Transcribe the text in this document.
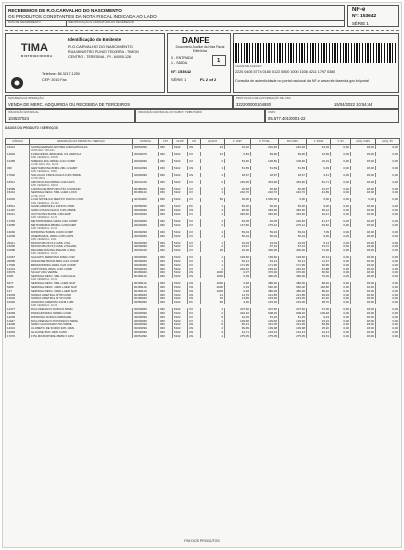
RECEBEMOS DE R.O.CARVALHO DO NASCIMENTO
OS PRODUTOS CONSTANTES DA NOTA FISCAL INDICADA AO LADO
DATA DE RECEBIMENTO	IDENTIFICAÇÃO E ASSINATURA DO RECEBEDOR
NF-e
Nº: 153642
SÉRIE 1
TIMA
DISTRIBUIDORA
Identificação do Emitente
R.O.CARVALHO DO NASCIMENTO
RUA MINISTRO PLINIO TEIXEIRA - TIMON
CENTRO - TERESINA - PI - 64000-126
Telefone: 86 3217-1250
CEP: 2010 Fax:
DANFE
Documento Auxiliar da Nota Fiscal Eletrônica
0 - ENTRADA
1 - SAÍDA	1
Nº: 153642
SÉRIE 1	FL 2 of 2
CHAVE DE ACESSO
2220 0405 5774 0180 0122 5500 1000 1536 4211 1797 0380
Consulta de autenticidade no portal nacional da NF-e www.nfe.fazenda.gov.br/portal
NATUREZA DA OPERAÇÃO
VENDA DE MERC. ADQUIRIDA OU RECEBIDA DE TERCEIROS
PROTOCOLO DE AUTORIZAÇÃO DE USO
322200000104930	15/04/2022 10:54:44
INSCRIÇÃO ESTADUAL
104537024
INSCRIÇÃO ESTADUAL DO SUBST. TRIBUTÁRIO	CNPJ
05.577.401/0001-22
DADOS DO PRODUTO / SERVIÇOS
CÓDIGO	DESCRIÇÃO DO PRODUTO / SERVIÇO	NCM/SH	CST	CFOP	UN	QUANT	V. UNIT.	V. TOTAL	BC ICMS	V. ICMS	V. IPI	ALÍQ. ICMS	ALÍQ. IPI
15212	SUPRAGERMAX ENTIMA C/30CAPSULAS	30051090	060	5102	UN	24	10,02	240,48	240,48	43,29	0,00	18,00	0,00
	ICMS RET. 15/12/21												
14922	FURGONDIA 40MG/2ML C/1 AMPOLA	30049079	060	5102	CX	12	5,83	69,96	69,96	12,59	0,00	18,00	0,00
	FAB. FEDERAL: 40209												
12455	NIMESULIDA 100MG C/12 COMP	30049099	060	5102	CX	2	53,30	106,60	106,60	19,19	0,00	18,00	0,00
	LOTE 10/21 VAL. 11/23												
330	GENTAMICINA 80MG 2ML C/1AMP	30042099	060	5102	UN	1	51,59	51,59	51,59	9,29	0,00	18,00	0,00
	FAB. FEDERAL: 1099												
17802	SOLUCAO FISIOLOGICA 0,9% 500ML	30049099	060	5102	UN	1	18,97	18,97	18,97	3,41	0,00	18,00	0,00
	LOTE 08/21												
16511	AMOXICILINA 500MG C/21CAPS	30041019	060	5102	CX	2	226,95	453,90	453,90	81,71	0,00	18,00	0,00
	FAB. FEDERAL: 10031												
19589	LAMINA DE BISTURI Nº24 C/100UND	90189039	060	5102	CX	2	30,48	60,96	60,96	10,97	0,00	18,00	0,00
15212	SERINGA DESC. 5ML LUER LOCK	90183119	060	5102	CX	1	232,70	232,70	232,70	41,89	0,00	18,00	0,00
	LOTE 17/21												
10604	LUVA NITRILICA SEM PO TAM M C/100	40151900	060	5102	CX	50	30,00	1.500,00	0,00	0,00	0,00	0,00	0,00
	FAB. FEDERAL: 16.122												
18511	GAZE HIDROFILA 13FIOS C/500	30059090	060	5102	PC	1	50,00	50,00	50,00	9,00	0,00	18,00	0,00
14115	SORO FISIOLOGICO 0,9% 250ML	30049099	060	5102	UN	4	96,00	384,00	384,00	69,12	0,00	18,00	0,00
15211	OCITOCINA 5UI/ML C/50 AMP	30043929	060	5102	CX	1	345,60	345,60	345,60	62,21	0,00	18,00	0,00
	FAB. FEDERAL: 12.21												
17445	METOPRAMIDA 10MG C/20 COMP	30049069	060	5102	CX	1	46,05	46,05	230,40	41,47	0,00	18,00	0,00
13055	METFORMINA 850MG C/30COMP	30049069	060	5102	CX	2	137,56	275,12	275,12	49,52	0,00	18,00	0,00
	FAB. FEDERAL: 10.21												
13092	DIPIRONA 500MG C/100 COMP	30049099	060	5102	CX	1	59,34	59,34	59,34	7,09	0,00	18,00	0,00
12005	OMEPRAZOL 20MG C/28 CAPS	30049069	060	5102	CX	1	50,34	50,34	50,34	9,06	0,00	18,00	0,00
	FAB. FEDERAL: 1621												
20011	MONOVIPLON 5,0 G/ML 2,5G	30049099	060	5102	CX	1	34,03	34,03	34,03	5,13	0,00	18,00	0,00
15265	MONOVIPLON 5,0 G/ML 2,5G/2ML	30049099	060	5102	CX	2	43,67	87,34	87,34	15,72	0,00	18,00	0,00
10068	DEXAMETASONA 4MG/ML 2,5ML	30043219	060	5102	CX	20	20,00	400,00	400,00	72,00	0,00	18,00	0,00
	FAB. FEDERAL: 10.21												
10067	SULFATO FERROSO 40MG C/30	30045090	060	5102	CX	1	139,60	139,60	139,60	25,13	0,00	18,00	0,00
20805	ONDANSETRONA 8MG C/10 COMP	30049069	060	5102	CX	1	63,13	63,13	63,13	11,37	0,00	18,00	0,00
17900	BROMOPRIDA 10MG C/20 COMP	30049069	060	5102	CX	1	171,95	171,95	171,95	30,95	0,00	18,00	0,00
12241	CAPTOPRIL 25MG C/30 COMP	30049039	060	5102	CX	1	249,32	249,32	249,32	44,88	0,00	18,00	0,00
15079	SCALP 23G VERDE	90183929	060	5102	UN	1000	0,37	370,00	370,00	66,60	0,00	18,00	0,00
1081	SERINGA DESC. 3ML C/AGULHA	90183119	060	5102	UN	1000	0,39	390,00	390,00	70,20	0,00	18,00	0,00
	FAB. FEDERAL: 10.21												
5277	SERINGA DESC. 5ML LUER SLIP	90183119	060	5102	UN	1000	0,48	480,00	480,00	86,40	0,00	18,00	0,00
5280	SERINGA DESC. 10ML LUER SLIP	90183119	060	5102	UN	2000	0,33	660,00	660,00	118,80	0,00	18,00	0,00
127	SERINGA DESC. 20ML LUER SLIP	90183119	060	5102	UN	1000	0,48	480,00	480,00	86,40	0,00	18,00	0,00
13003	SONDA URETRAL Nº08 C/200	90183929	060	5102	UN	13	14,79	221,85	221,85	39,93	0,00	18,00	0,00
13004	SONDA URETRAL Nº10 C/200	90183929	060	5102	UN	15	14,89	223,35	223,35	40,20	0,00	18,00	0,00
10026	ATADURA CREPOM 13CM 1,8M	30059090	060	5102	PC	50	4,30	215,00	215,00	38,70	0,00	18,00	0,00
	FAB. FEDERAL: 10.21												
14477	DICLOFENACO SODICO 50MG	30049069	060	5102	CX	1	207,60	207,60	207,60	37,36	0,00	18,00	0,00
16069	PARACETAMOL 500MG C/200	30049099	060	5102	CX	2	304,10	608,20	608,20	109,48	0,00	18,00	0,00
14045	DIPIRONA SODICA 500MG/ML	30049099	060	5102	CX	5	10,25	51,25	51,25	9,23	0,00	18,00	0,00
11047	DICLOFENACO POTASSICO 50MG	30049069	060	5102	CX	1	129,66	129,66	129,66	23,34	0,00	18,00	0,00
13090	SORO GLICOSADO 5% 500ML	30049099	060	5102	UN	5	66,21	331,05	331,05	59,59	0,00	18,00	0,00
14031	CLORETO DE SODIO 20% 10ML	30049099	060	5102	UN	2	69,99	139,98	139,98	25,20	0,00	18,00	0,00
16063	GLICOSE 50% 10ML C/200	30049099	060	5102	UN	3	44,71	134,13	134,13	24,14	0,00	18,00	0,00
17070	FITA MICROPORE 25MM X 10M	30051090	060	5102	UN	1	275,05	275,05	275,05	49,51	0,00	18,00	0,00
FIM DOS PRODUTOS
